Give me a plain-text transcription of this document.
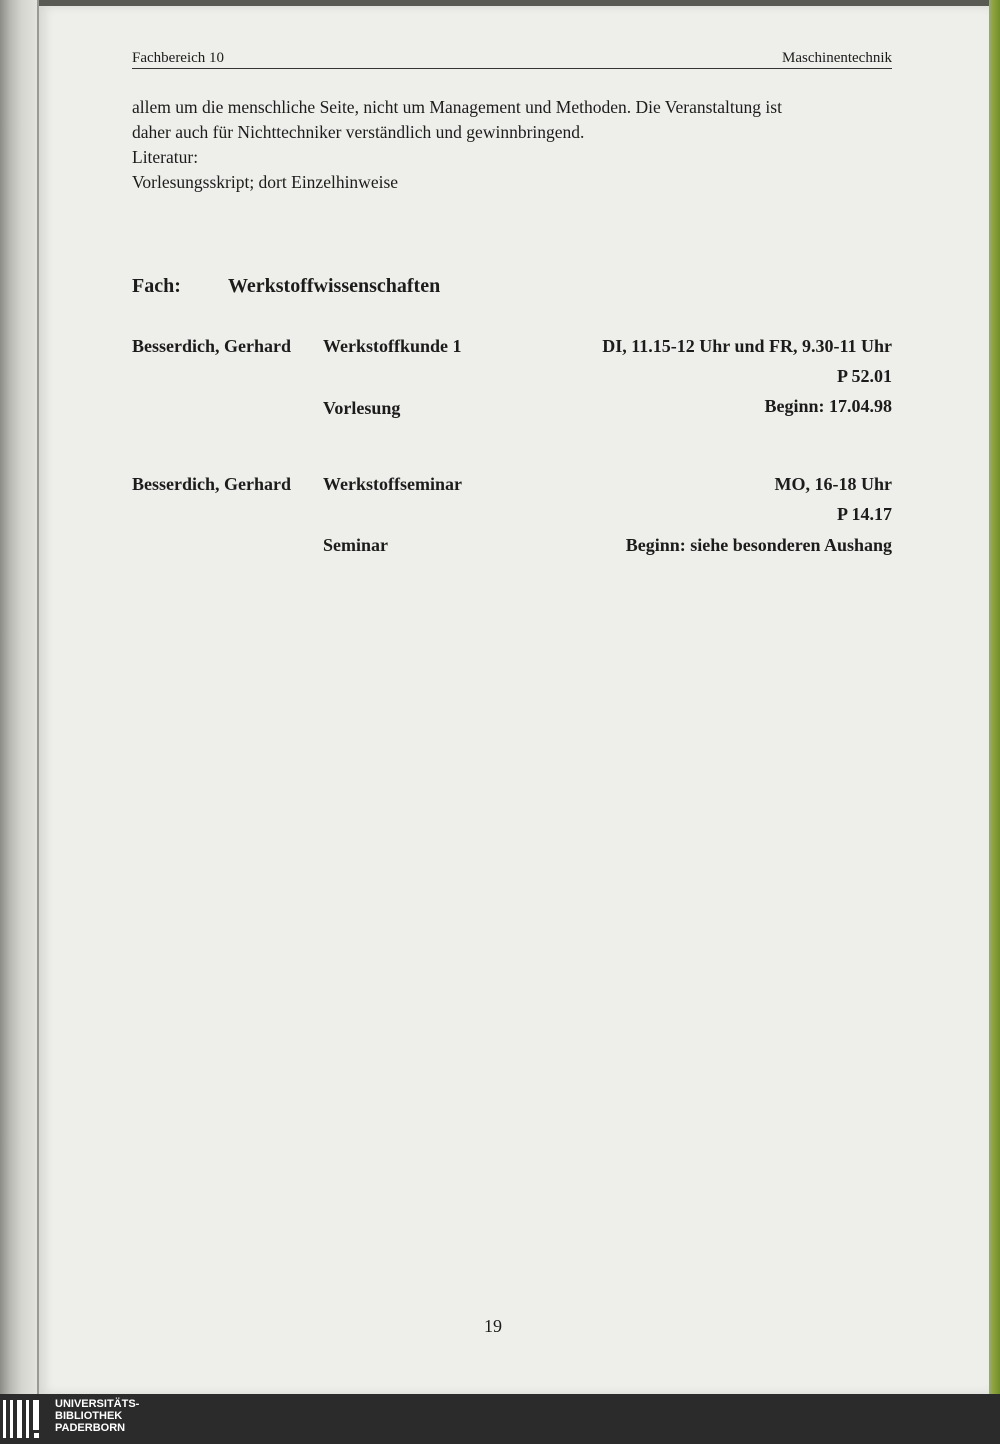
Fachbereich 10	Maschinentechnik
allem um die menschliche Seite, nicht um Management und Methoden. Die Veranstaltung ist
daher auch für Nichttechniker verständlich und gewinnbringend.
Literatur:
Vorlesungsskript; dort Einzelhinweise
Fach: Werkstoffwissenschaften
Besserdich, Gerhard Werkstoffkunde 1	DI, 11.15-12 Uhr und FR, 9.30-11 Uhr
P 52.01
Vorlesung	Beginn: 17.04.98
Besserdich, Gerhard Werkstoffseminar	MO, 16-18 Uhr
P 14.17
Seminar	Beginn: siehe besonderen Aushang
19
UNIVERSITÄTS-
BIBLIOTHEK
PADERBORN
